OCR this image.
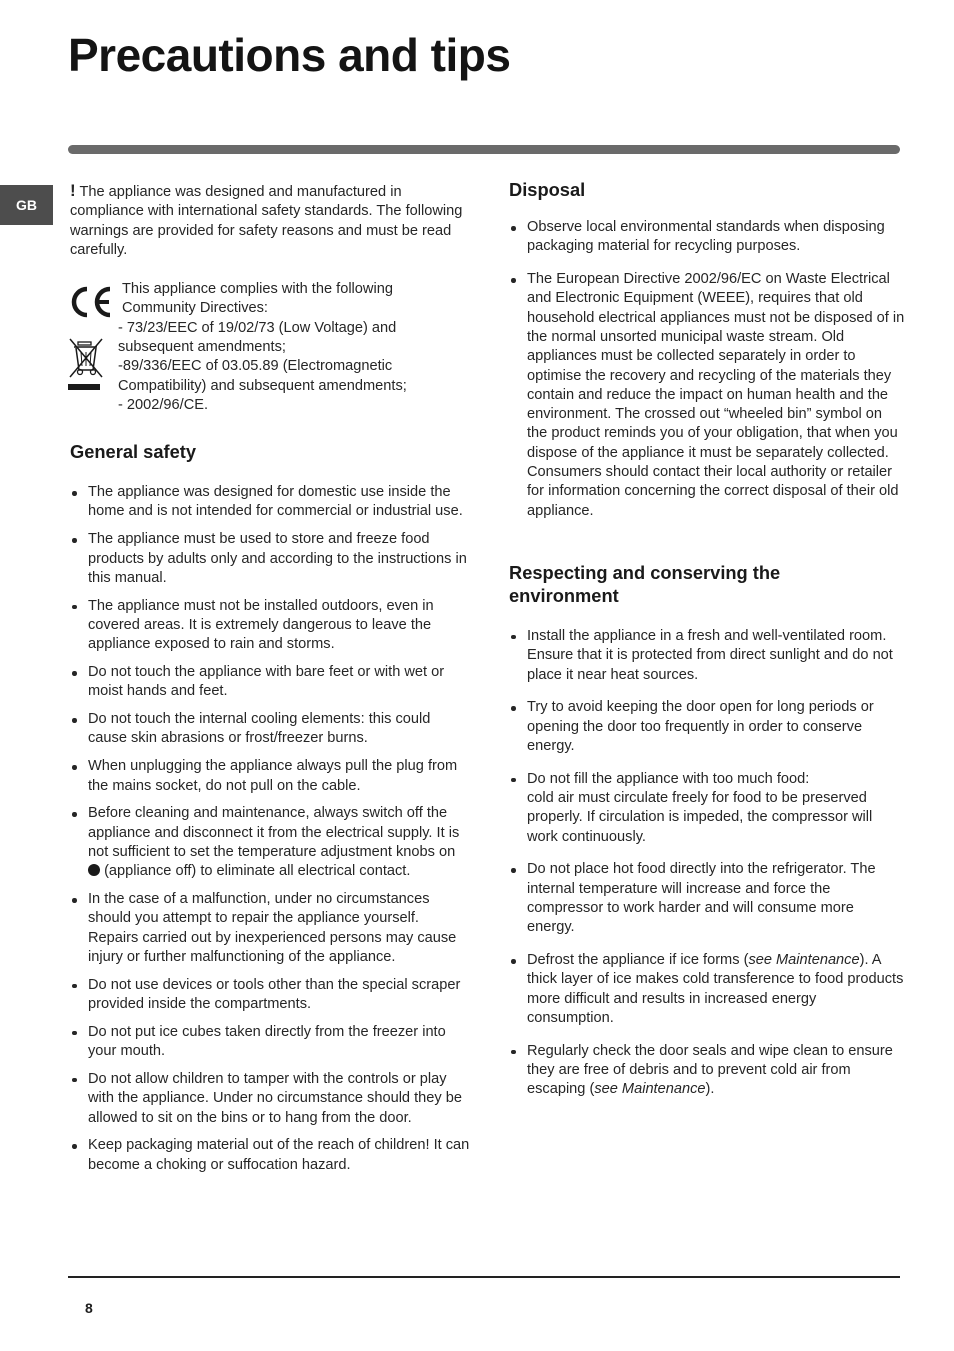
Precautions and tips
GB

! The appliance was designed and manufactured in compliance with international safety standards. The following warnings are provided for safety reasons and must be read carefully.

This appliance complies with the following

Community Directives:

- 73/23/EEC of 19/02/73 (Low Voltage) and

subsequent amendments;

-89/336/EEC of 03.05.89 (Electromagnetic

Compatibility) and subsequent amendments;

- 2002/96/CE.

General safety
The appliance was designed for domestic use inside the home and is not intended for commercial or industrial use.
The appliance must be used to store and freeze food products by adults only and according to the instructions in this manual.
The appliance must not be installed outdoors, even in covered areas. It is extremely dangerous to leave the appliance exposed to rain and storms.
Do not touch the appliance with bare feet or with wet or moist hands and feet.
Do not touch the internal cooling elements: this could cause skin abrasions or frost/freezer burns.
When unplugging the appliance always pull the plug from the mains socket, do not pull on the cable.
Before cleaning and maintenance, always switch off the appliance and disconnect it from the electrical supply. It is not sufficient to set the temperature adjustment knobs on  (appliance off) to eliminate all electrical contact.
In the case of a malfunction, under no circumstances should you attempt to repair the appliance yourself. Repairs carried out by inexperienced persons may cause injury or further malfunctioning of the appliance.
Do not use devices or tools other than the special scraper provided inside the compartments.
Do not put ice cubes taken directly from the freezer into your mouth.
Do not allow children to tamper with the controls or play with the appliance. Under no circumstance should they be allowed to sit on the bins or to hang from the door.
Keep packaging material out of the reach of children! It can become a choking or suffocation hazard.
Disposal
Observe local environmental standards when disposing packaging material for recycling purposes.
The European Directive 2002/96/EC on Waste Electrical and Electronic Equipment (WEEE), requires that old household electrical appliances must not be disposed of in the normal unsorted municipal waste stream. Old appliances must be collected separately in order to optimise the recovery and recycling of the materials they contain and reduce the impact on human health and the environment. The crossed out “wheeled bin” symbol on the product reminds you of your obligation, that when you dispose of the appliance it must be separately collected.
Consumers should contact their local authority or retailer for information concerning the correct disposal of their old appliance.
Respecting and conserving the environment
Install the appliance in a fresh and well-ventilated room. Ensure that it is protected from direct sunlight and do not place it near heat sources.
Try to avoid keeping the door open for long periods or opening the door too frequently in order to conserve energy.
Do not fill the appliance with too much food:
cold air must circulate freely for food to be preserved properly. If circulation is impeded, the compressor will work continuously.
Do not place hot food directly into the refrigerator. The internal temperature will increase and force the compressor to work harder and will consume more energy.
Defrost the appliance if ice forms (see Maintenance). A thick layer of ice makes cold transference to food products more difficult and results in increased energy consumption.
Regularly check the door seals and wipe clean to ensure they are free of debris and to prevent cold air from escaping (see Maintenance).
8
